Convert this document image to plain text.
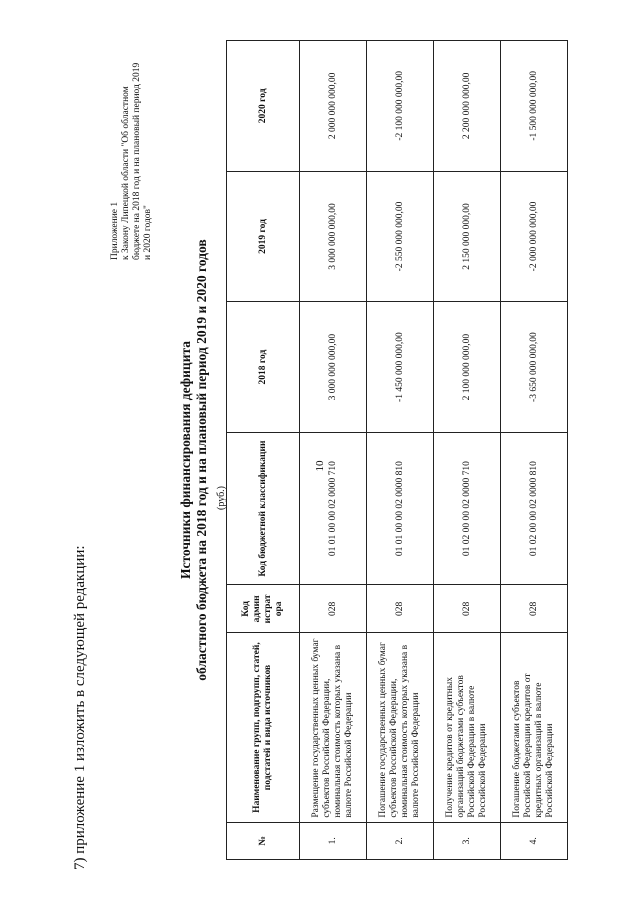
10
7) приложение 1 изложить в следующей редакции:
Приложение 1 к Закону Липецкой области "Об областном бюджете на 2018 год и на плановый период 2019 и 2020 годов"
Источники финансирования дефицита областного бюджета на 2018 год и на плановый период 2019 и 2020 годов (руб.)
№	Наименование групп, подгрупп, статей, подстатей и вида источников	Код админ истрат ора	Код бюджетной классификации	2018 год	2019 год	2020 год
1.	Размещение государственных ценных бумаг субъектов Российской Федерации, номинальная стоимость которых указана в валюте Российской Федерации	028	01 01 00 00 02 0000 710	3 000 000 000,00	3 000 000 000,00	2 000 000 000,00
2.	Погашение государственных ценных бумаг субъектов Российской Федерации, номинальная стоимость которых указана в валюте Российской Федерации	028	01 01 00 00 02 0000 810	-1 450 000 000,00	-2 550 000 000,00	-2 100 000 000,00
3.	Получение кредитов от кредитных организаций бюджетами субъектов Российской Федерации в валюте Российской Федерации	028	01 02 00 00 02 0000 710	2 100 000 000,00	2 150 000 000,00	2 200 000 000,00
4.	Погашение бюджетами субъектов Российской Федерации кредитов от кредитных организаций в валюте Российской Федерации	028	01 02 00 00 02 0000 810	-3 650 000 000,00	-2 000 000 000,00	-1 500 000 000,00
